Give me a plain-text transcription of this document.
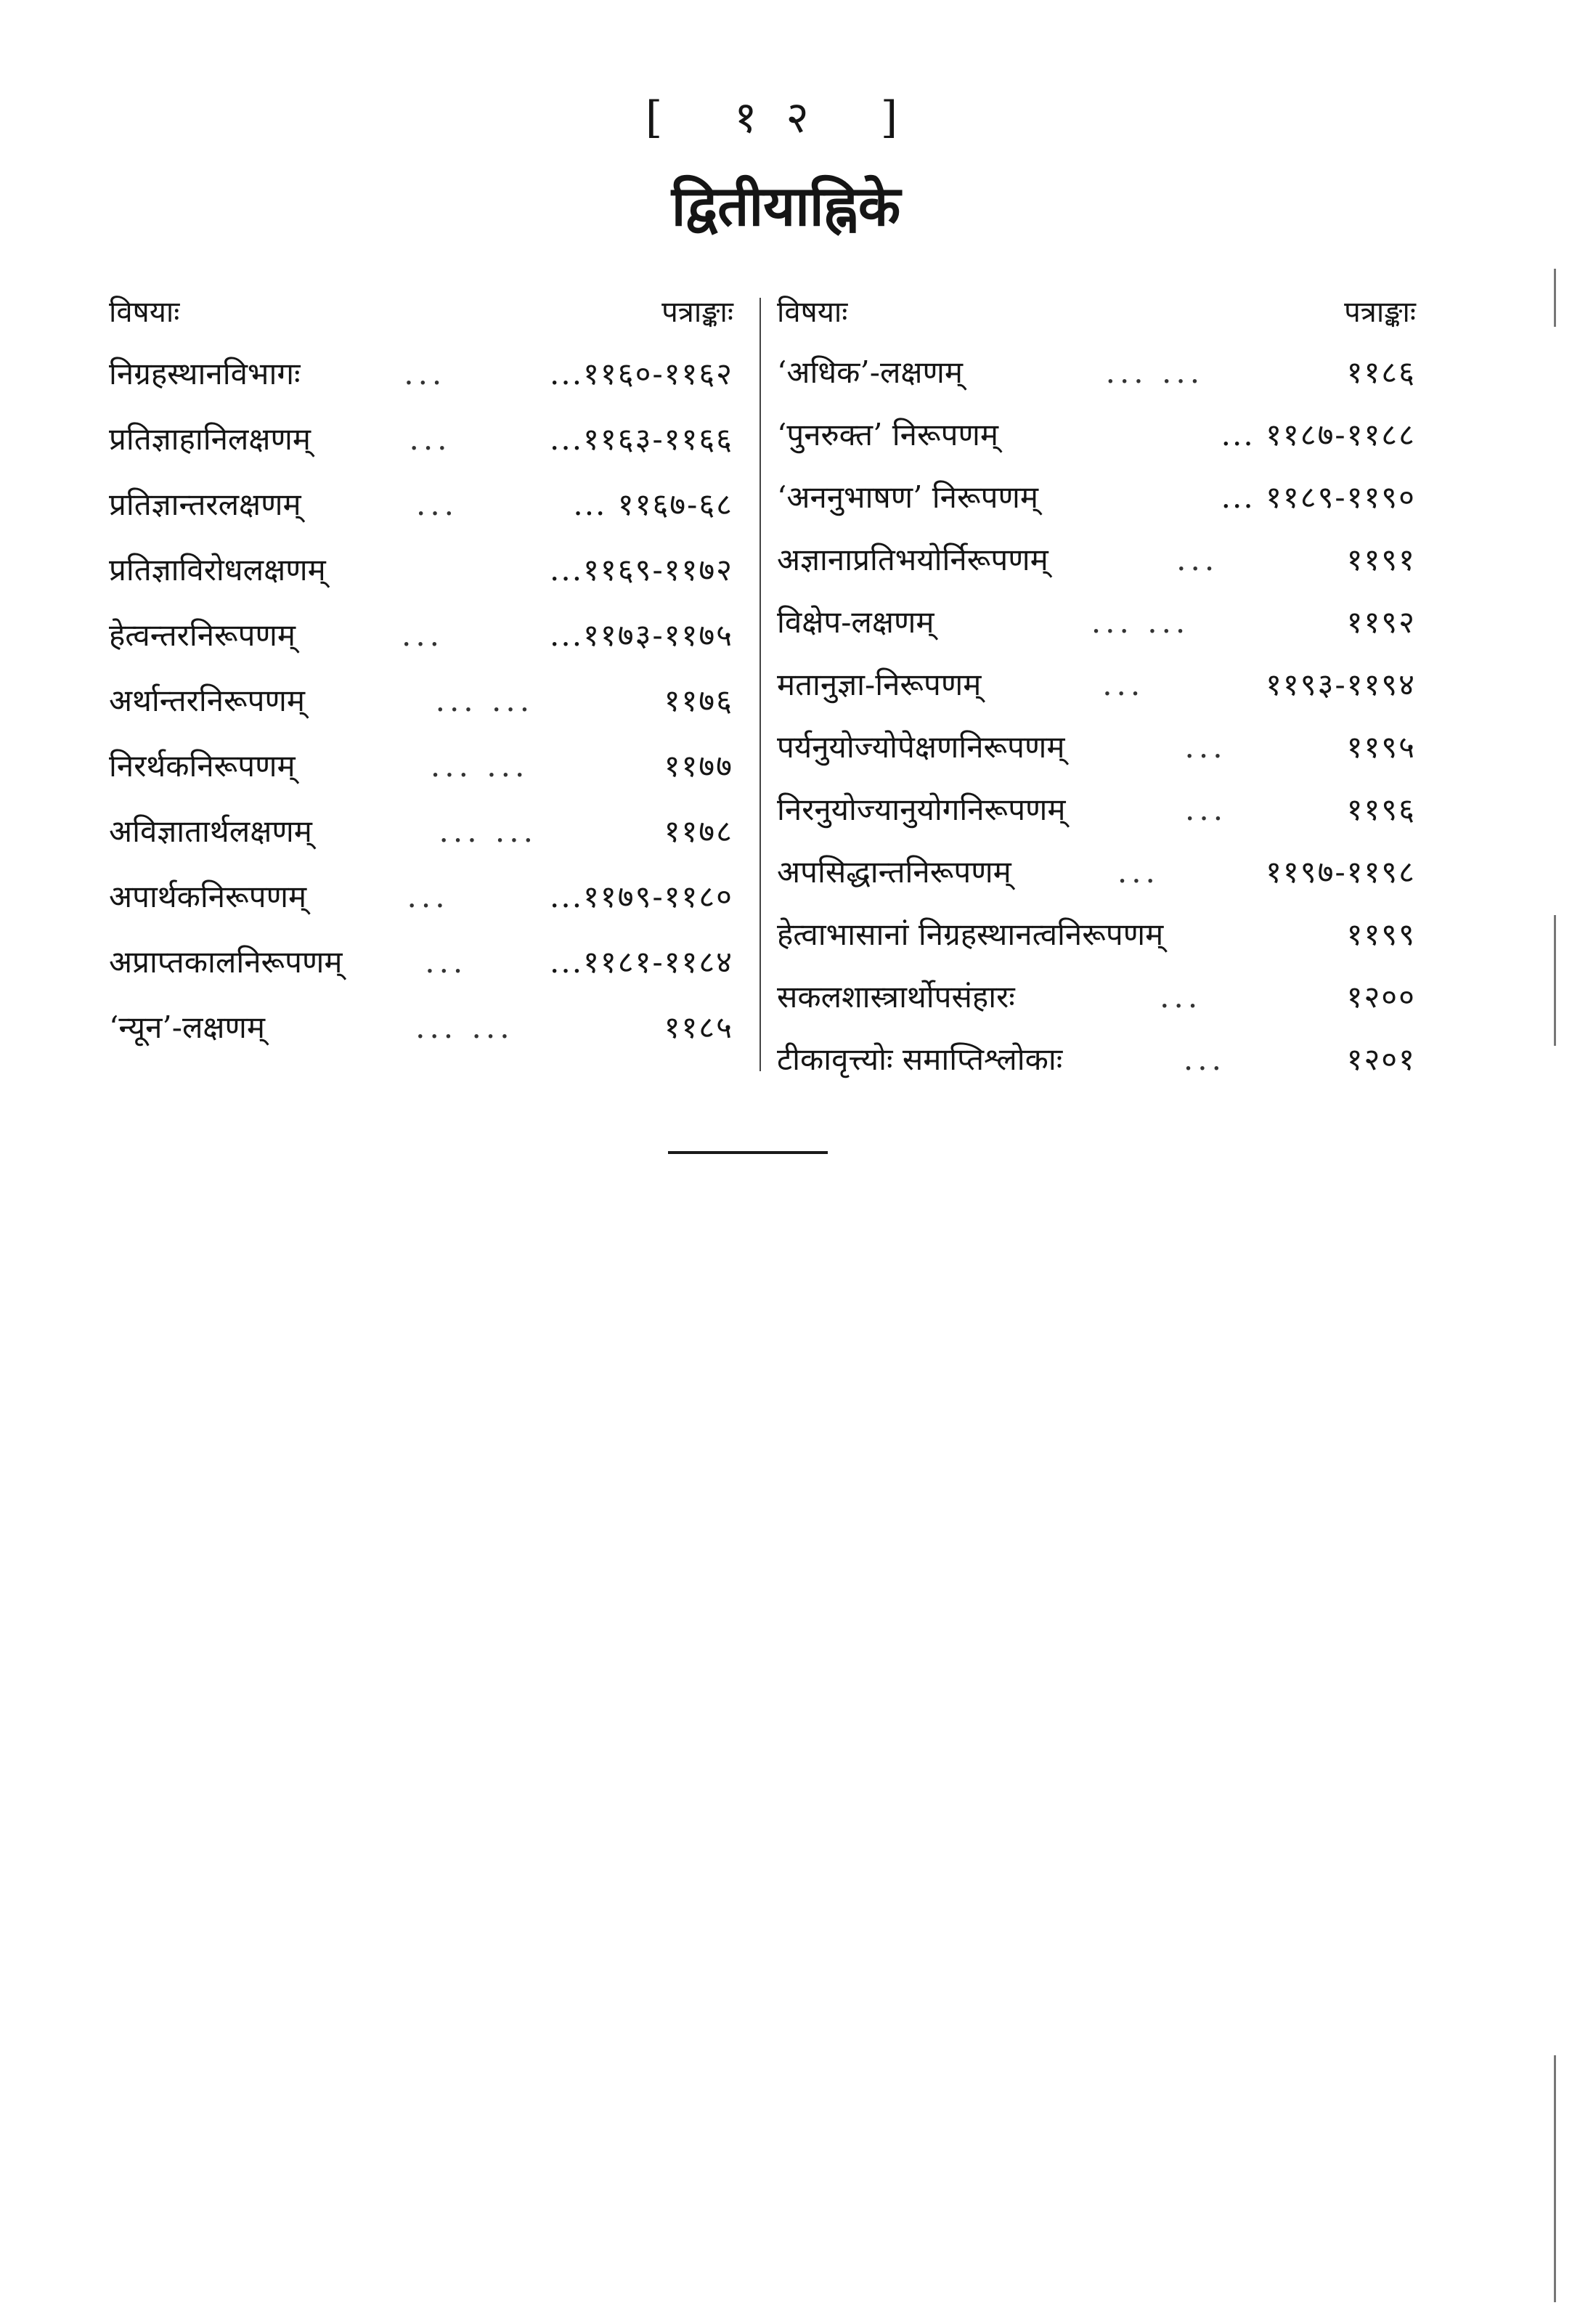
[ १२ ]
द्वितीयाह्निके
विषयाः	पत्राङ्काः
निग्रहस्थानविभागः	...	...११६०-११६२
प्रतिज्ञाहानिलक्षणम्	...	...११६३-११६६
प्रतिज्ञान्तरलक्षणम्	...	... ११६७-६८
प्रतिज्ञाविरोधलक्षणम्	...११६९-११७२
हेत्वन्तरनिरूपणम्	...	...११७३-११७५
अर्थान्तरनिरूपणम्	... ...	११७६
निरर्थकनिरूपणम्	... ...	११७७
अविज्ञातार्थलक्षणम्	... ...	११७८
अपार्थकनिरूपणम्	...	...११७९-११८०
अप्राप्तकालनिरूपणम्	...	...११८१-११८४
‘न्यून’-लक्षणम्	... ...	११८५
विषयाः	पत्राङ्काः
‘अधिक’-लक्षणम्	... ...	११८६
‘पुनरुक्त’ निरूपणम्	... ११८७-११८८
‘अननुभाषण’ निरूपणम्	... ११८९-११९०
अज्ञानाप्रतिभयोर्निरूपणम्	...	११९१
विक्षेप-लक्षणम्	... ...	११९२
मतानुज्ञा-निरूपणम्	...	११९३-११९४
पर्यनुयोज्योपेक्षणनिरूपणम्	...	११९५
निरनुयोज्यानुयोगनिरूपणम्	...	११९६
अपसिद्धान्तनिरूपणम्	...	११९७-११९८
हेत्वाभासानां निग्रहस्थानत्वनिरूपणम्	११९९
सकलशास्त्रार्थोपसंहारः	...	१२००
टीकावृत्त्योः समाप्तिश्लोकाः	...	१२०१
